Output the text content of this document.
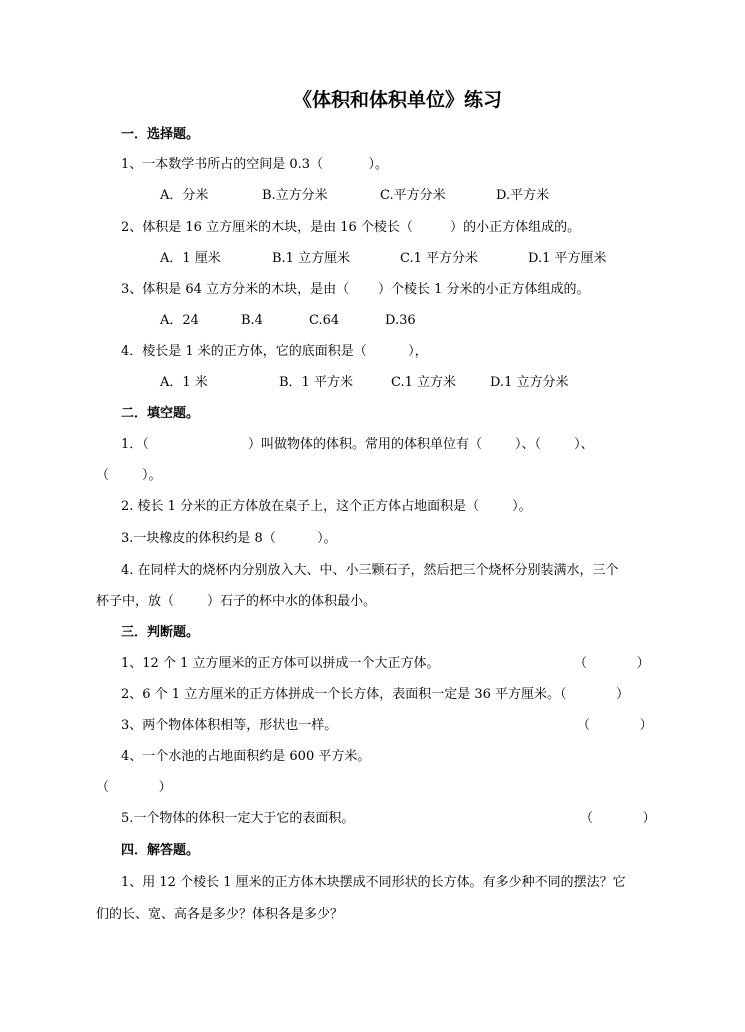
《体积和体积单位》练习
一．选择题。
1、一本数学书所占的空间是 0.3（           ）。
A．分米	B.立方分米	C.平方分米	D.平方米
2、体积是 16 立方厘米的木块，是由 16 个棱长（         ）的小正方体组成的。
A．1 厘米	B.1 立方厘米	C.1 平方分米	D.1 平方厘米
3、体积是 64 立方分米的木块，是由（       ）个棱长 1 分米的小正方体组成的。
A．24	B.4	C.64	D.36
4．棱长是 1 米的正方体，它的底面积是（          ），
A．1 米	B．1 平方米	C.1 立方米	D.1 立方分米
二．填空题。
1．（                        ）叫做物体的体积。常用的体积单位有（        ）、（        ）、
（        ）。
2. 棱长 1 分米的正方体放在桌子上，这个正方体占地面积是（        ）。
3.一块橡皮的体积约是 8（          ）。
4. 在同样大的烧杯内分别放入大、中、小三颗石子，然后把三个烧杯分别装满水，三个
杯子中，放（        ）石子的杯中水的体积最小。
三．判断题。
1、12 个 1 立方厘米的正方体可以拼成一个大正方体。	（            ）
2、6 个 1 立方厘米的正方体拼成一个长方体，表面积一定是 36 平方厘米。（            ）
3、两个物体体积相等，形状也一样。	（            ）
4、一个水池的占地面积约是 600 平方米。
（            ）
5.一个物体的体积一定大于它的表面积。	（            ）
四．解答题。
1、用 12 个棱长 1 厘米的正方体木块摆成不同形状的长方体。有多少种不同的摆法？它
们的长、宽、高各是多少？体积各是多少？
